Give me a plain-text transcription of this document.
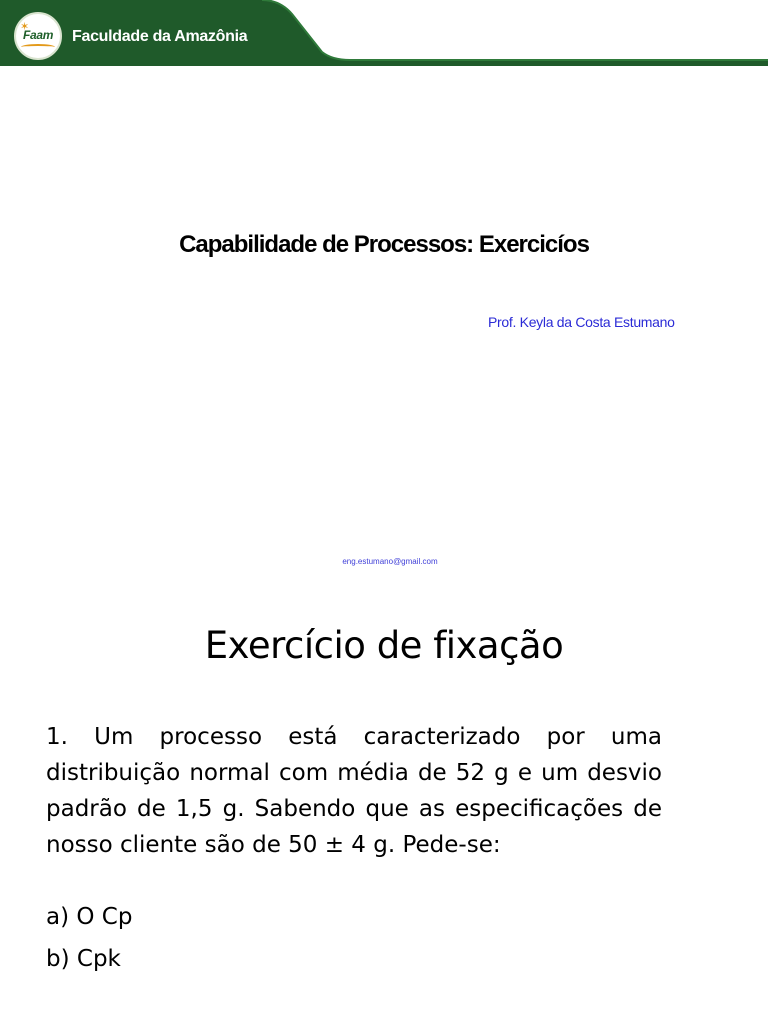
✶
Faam Faculdade da Amazônia
Capabilidade de Processos: Exercicíos
Prof. Keyla da Costa Estumano
eng.estumano@gmail.com
Exercício de fixação
1. Um processo está caracterizado por uma distribuição normal com média de 52 g e um desvio padrão de 1,5 g. Sabendo que as especificações de nosso cliente são de 50 ± 4 g. Pede-se:
a) O Cp
b) Cpk
